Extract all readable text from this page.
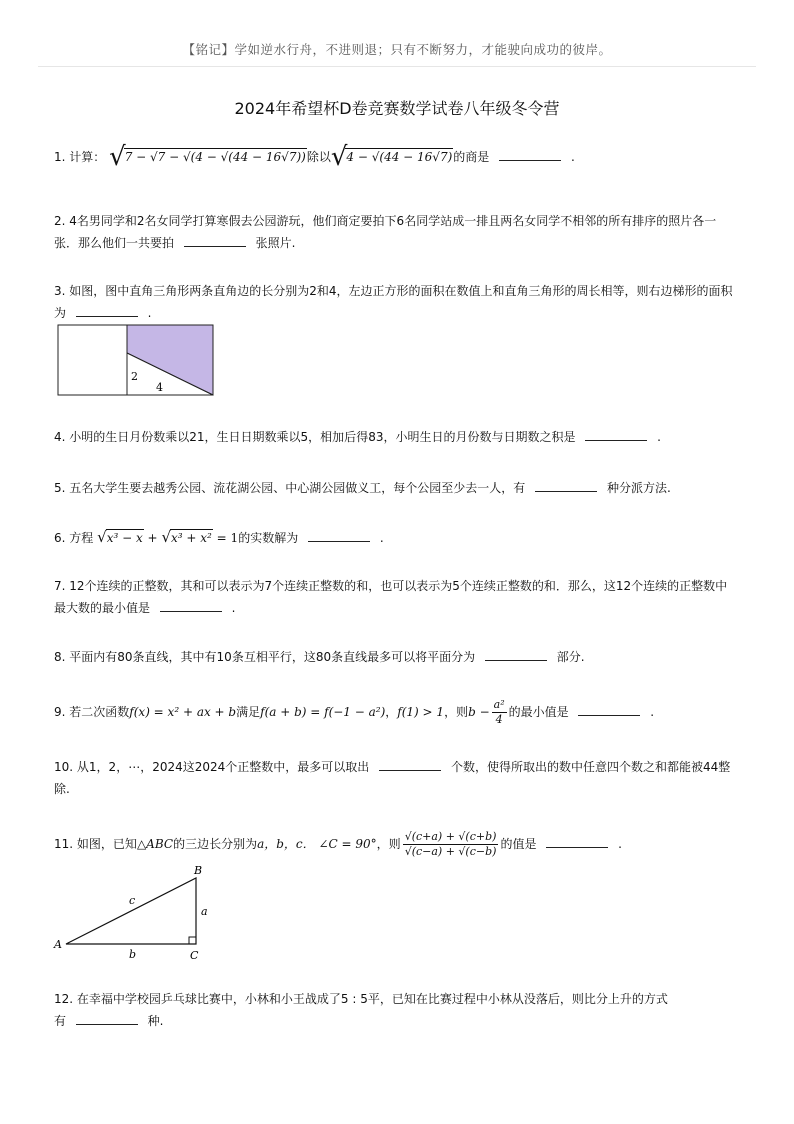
【铭记】学如逆水行舟，不进则退；只有不断努力，才能驶向成功的彼岸。
2024年希望杯D卷竞赛数学试卷八年级冬令营
1. 计算： √7 − √7 − √(4 − √(44 − 16√7))除以√4 − √(44 − 16√7)的商是	.
2. 4名男同学和2名女同学打算寒假去公园游玩，他们商定要拍下6名同学站成一排且两名女同学不相邻的所有排序的照片各一
张．那么他们一共要拍	张照片.
3. 如图，图中直角三角形两条直角边的长分别为2和4，左边正方形的面积在数值上和直角三角形的周长相等，则右边梯形的面积
为	.
2
4
4. 小明的生日月份数乘以21，生日日期数乘以5，相加后得83，小明生日的月份数与日期数之积是	.
5. 五名大学生要去越秀公园、流花湖公园、中心湖公园做义工，每个公园至少去一人，有	种分派方法.
6. 方程 √x³ − x + √x³ + x² = 1的实数解为	.
7. 12个连续的正整数，其和可以表示为7个连续正整数的和，也可以表示为5个连续正整数的和．那么，这12个连续的正整数中
最大数的最小值是	.
8. 平面内有80条直线，其中有10条互相平行，这80条直线最多可以将平面分为	部分.
9. 若二次函数f(x) = x² + ax + b满足f(a + b) = f(−1 − a²)，f(1) > 1，则$b - \frac{\text{a²}}{4}$ 的最小值是	.
10. 从1，2，⋯，2024这2024个正整数中，最多可以取出	个数，使得所取出的数中任意四个数之和都能被44整
除.
11. 如图，已知△ABC的三边长分别为a，b，c． ∠C = 90°，则 $\frac{√(c+a) + √(c+b)}{√(c-a) + √(c-b)}$ 的值是	.
A
B
C
a
b
c
12. 在幸福中学校园乒乓球比赛中，小林和小王战成了5 : 5平，已知在比赛过程中小林从没落后，则比分上升的方式
有	种.
